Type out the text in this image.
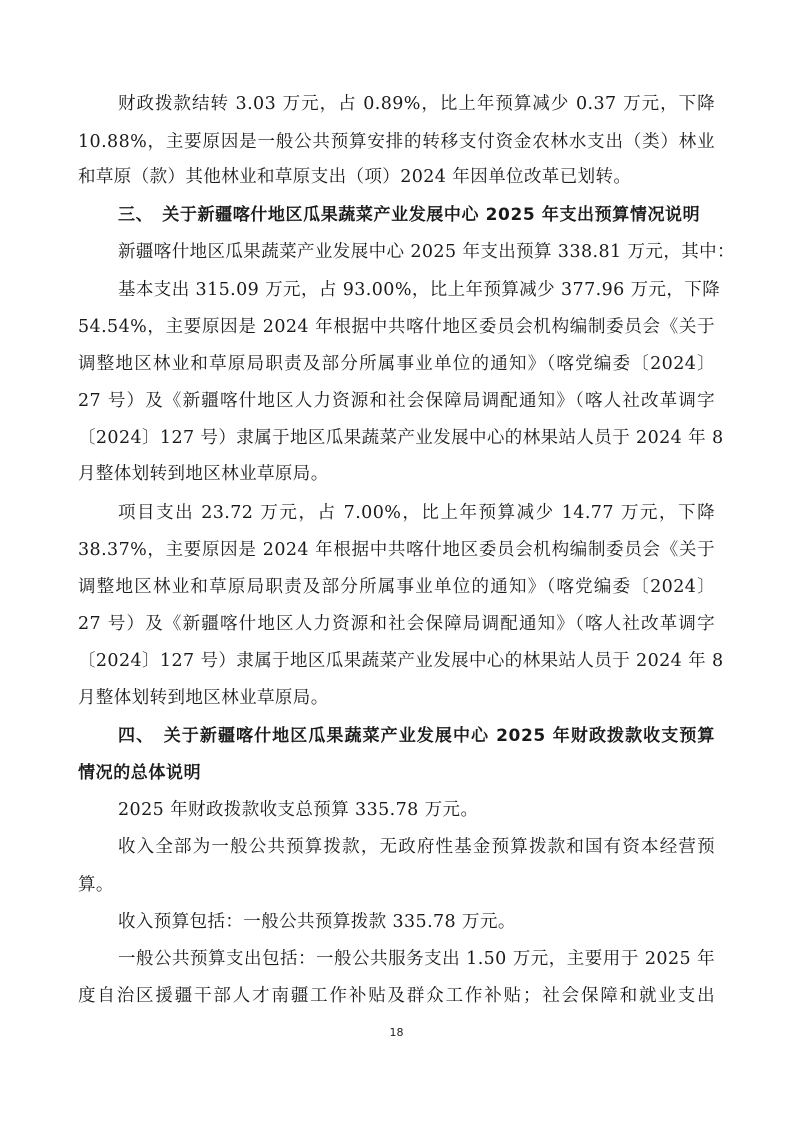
财政拨款结转 3.03 万元，占 0.89%，比上年预算减少 0.37 万元，下降
10.88%，主要原因是一般公共预算安排的转移支付资金农林水支出（类）林业
和草原（款）其他林业和草原支出（项）2024 年因单位改革已划转。
三、　关于新疆喀什地区瓜果蔬菜产业发展中心 2025 年支出预算情况说明
新疆喀什地区瓜果蔬菜产业发展中心 2025 年支出预算 338.81 万元，其中：
基本支出 315.09 万元，占 93.00%，比上年预算减少 377.96 万元，下降
54.54%，主要原因是 2024 年根据中共喀什地区委员会机构编制委员会《关于
调整地区林业和草原局职责及部分所属事业单位的通知》（喀党编委〔2024〕
27 号）及《新疆喀什地区人力资源和社会保障局调配通知》（喀人社改革调字
〔2024〕127 号）隶属于地区瓜果蔬菜产业发展中心的林果站人员于 2024 年 8
月整体划转到地区林业草原局。
项目支出 23.72 万元，占 7.00%，比上年预算减少 14.77 万元，下降
38.37%，主要原因是 2024 年根据中共喀什地区委员会机构编制委员会《关于
调整地区林业和草原局职责及部分所属事业单位的通知》（喀党编委〔2024〕
27 号）及《新疆喀什地区人力资源和社会保障局调配通知》（喀人社改革调字
〔2024〕127 号）隶属于地区瓜果蔬菜产业发展中心的林果站人员于 2024 年 8
月整体划转到地区林业草原局。
四、　关于新疆喀什地区瓜果蔬菜产业发展中心 2025 年财政拨款收支预算
情况的总体说明
2025 年财政拨款收支总预算 335.78 万元。
收入全部为一般公共预算拨款，无政府性基金预算拨款和国有资本经营预
算。
收入预算包括：一般公共预算拨款 335.78 万元。
一般公共预算支出包括：一般公共服务支出 1.50 万元，主要用于 2025 年
度自治区援疆干部人才南疆工作补贴及群众工作补贴；社会保障和就业支出
18
